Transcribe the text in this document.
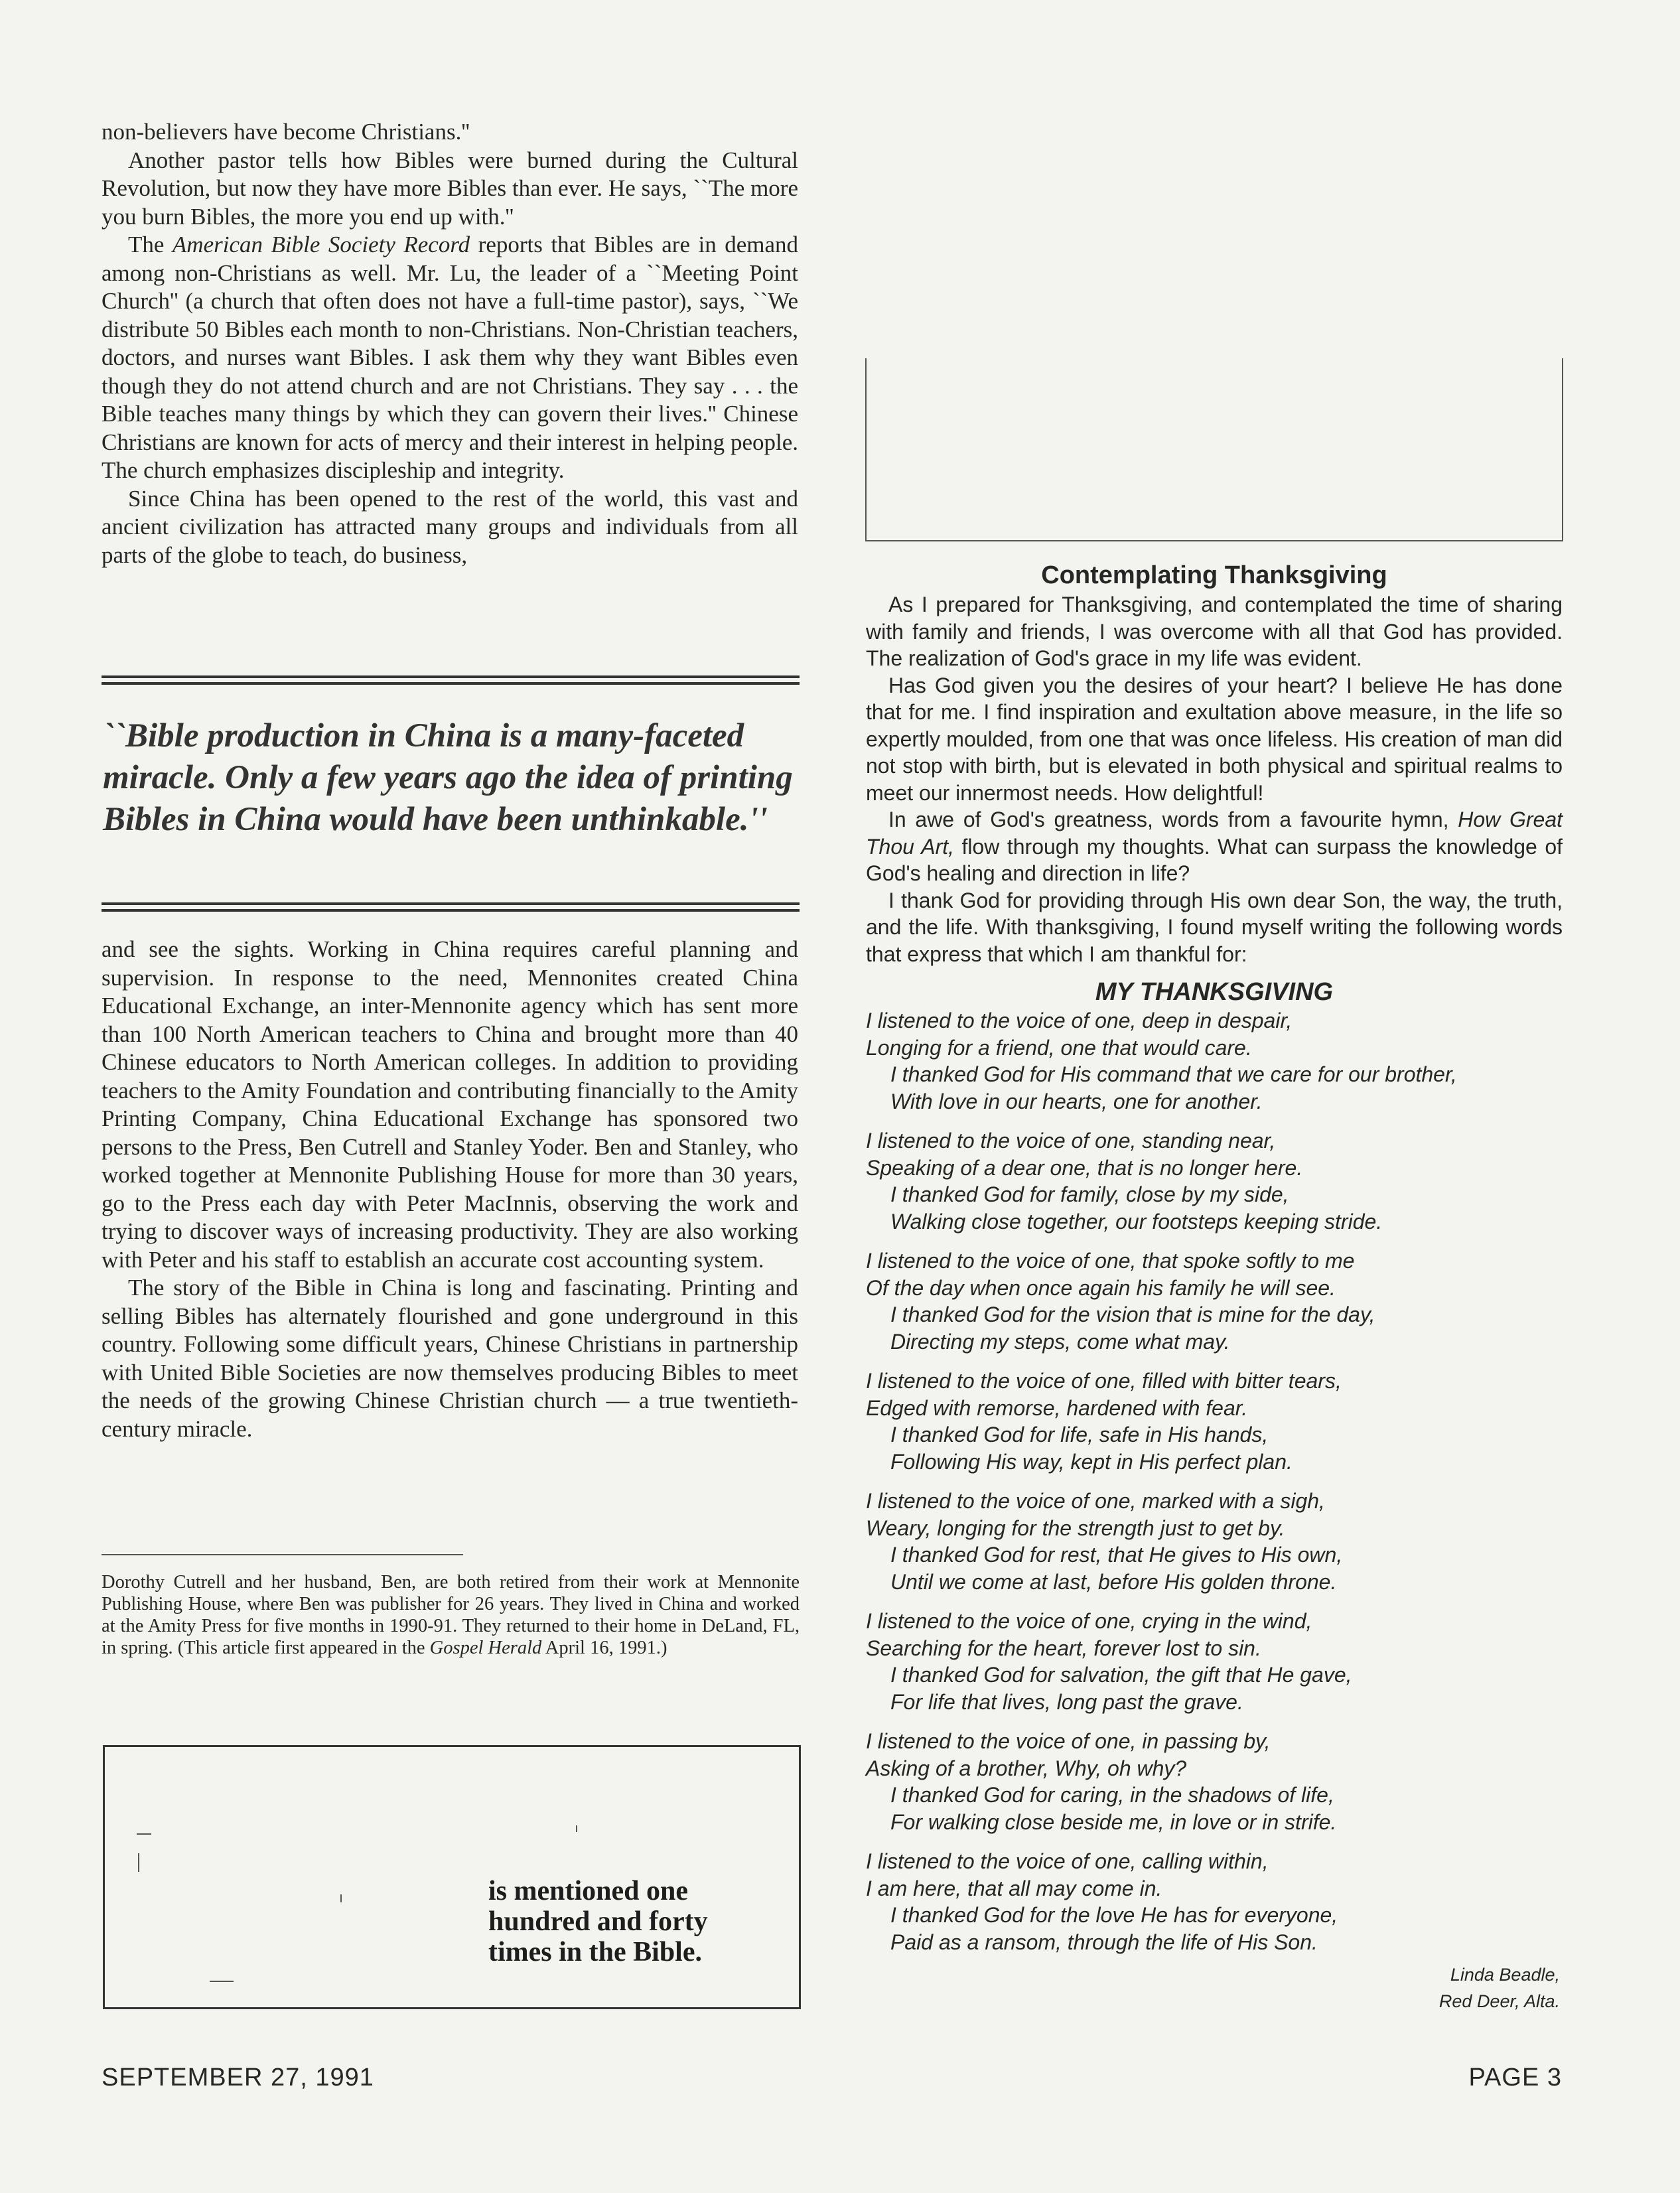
non-believers have become Christians.''

Another pastor tells how Bibles were burned during the Cultural Revolution, but now they have more Bibles than ever. He says, ``The more you burn Bibles, the more you end up with.''

The American Bible Society Record reports that Bibles are in demand among non-Christians as well. Mr. Lu, the leader of a ``Meeting Point Church'' (a church that often does not have a full-time pastor), says, ``We distribute 50 Bibles each month to non-Christians. Non-Christian teachers, doctors, and nurses want Bibles. I ask them why they want Bibles even though they do not attend church and are not Christians. They say . . . the Bible teaches many things by which they can govern their lives.'' Chinese Christians are known for acts of mercy and their interest in helping people. The church emphasizes discipleship and integrity.

Since China has been opened to the rest of the world, this vast and ancient civilization has attracted many groups and individuals from all parts of the globe to teach, do business,

``Bible production in China is a many-faceted miracle. Only a few years ago the idea of printing Bibles in China would have been unthinkable.''

and see the sights. Working in China requires careful planning and supervision. In response to the need, Mennonites created China Educational Exchange, an inter-Mennonite agency which has sent more than 100 North American teachers to China and brought more than 40 Chinese educators to North American colleges. In addition to providing teachers to the Amity Foundation and contributing financially to the Amity Printing Company, China Educational Exchange has sponsored two persons to the Press, Ben Cutrell and Stanley Yoder. Ben and Stanley, who worked together at Mennonite Publishing House for more than 30 years, go to the Press each day with Peter MacInnis, observing the work and trying to discover ways of increasing productivity. They are also working with Peter and his staff to establish an accurate cost accounting system.

The story of the Bible in China is long and fascinating. Printing and selling Bibles has alternately flourished and gone underground in this country. Following some difficult years, Chinese Christians in partnership with United Bible Societies are now themselves producing Bibles to meet the needs of the growing Chinese Christian church — a true twentieth-century miracle.

Dorothy Cutrell and her husband, Ben, are both retired from their work at Mennonite Publishing House, where Ben was publisher for 26 years. They lived in China and worked at the Amity Press for five months in 1990-91. They returned to their home in DeLand, FL, in spring. (This article first appeared in the Gospel Herald April 16, 1991.)
is mentioned one hundred and forty times in the Bible.
Contemplating Thanksgiving

As I prepared for Thanksgiving, and contemplated the time of sharing with family and friends, I was overcome with all that God has provided. The realization of God's grace in my life was evident.

Has God given you the desires of your heart? I believe He has done that for me. I find inspiration and exultation above measure, in the life so expertly moulded, from one that was once lifeless. His creation of man did not stop with birth, but is elevated in both physical and spiritual realms to meet our innermost needs. How delightful!

In awe of God's greatness, words from a favourite hymn, How Great Thou Art, flow through my thoughts. What can surpass the knowledge of God's healing and direction in life?

I thank God for providing through His own dear Son, the way, the truth, and the life. With thanksgiving, I found myself writing the following words that express that which I am thankful for:

MY THANKSGIVING
I listened to the voice of one, deep in despair,
Longing for a friend, one that would care.
I thanked God for His command that we care for our brother,
With love in our hearts, one for another.
I listened to the voice of one, standing near,
Speaking of a dear one, that is no longer here.
I thanked God for family, close by my side,
Walking close together, our footsteps keeping stride.
I listened to the voice of one, that spoke softly to me
Of the day when once again his family he will see.
I thanked God for the vision that is mine for the day,
Directing my steps, come what may.
I listened to the voice of one, filled with bitter tears,
Edged with remorse, hardened with fear.
I thanked God for life, safe in His hands,
Following His way, kept in His perfect plan.
I listened to the voice of one, marked with a sigh,
Weary, longing for the strength just to get by.
I thanked God for rest, that He gives to His own,
Until we come at last, before His golden throne.
I listened to the voice of one, crying in the wind,
Searching for the heart, forever lost to sin.
I thanked God for salvation, the gift that He gave,
For life that lives, long past the grave.
I listened to the voice of one, in passing by,
Asking of a brother, Why, oh why?
I thanked God for caring, in the shadows of life,
For walking close beside me, in love or in strife.
I listened to the voice of one, calling within,
I am here, that all may come in.
I thanked God for the love He has for everyone,
Paid as a ransom, through the life of His Son.
Linda Beadle,
Red Deer, Alta.
SEPTEMBER 27, 1991	PAGE 3
